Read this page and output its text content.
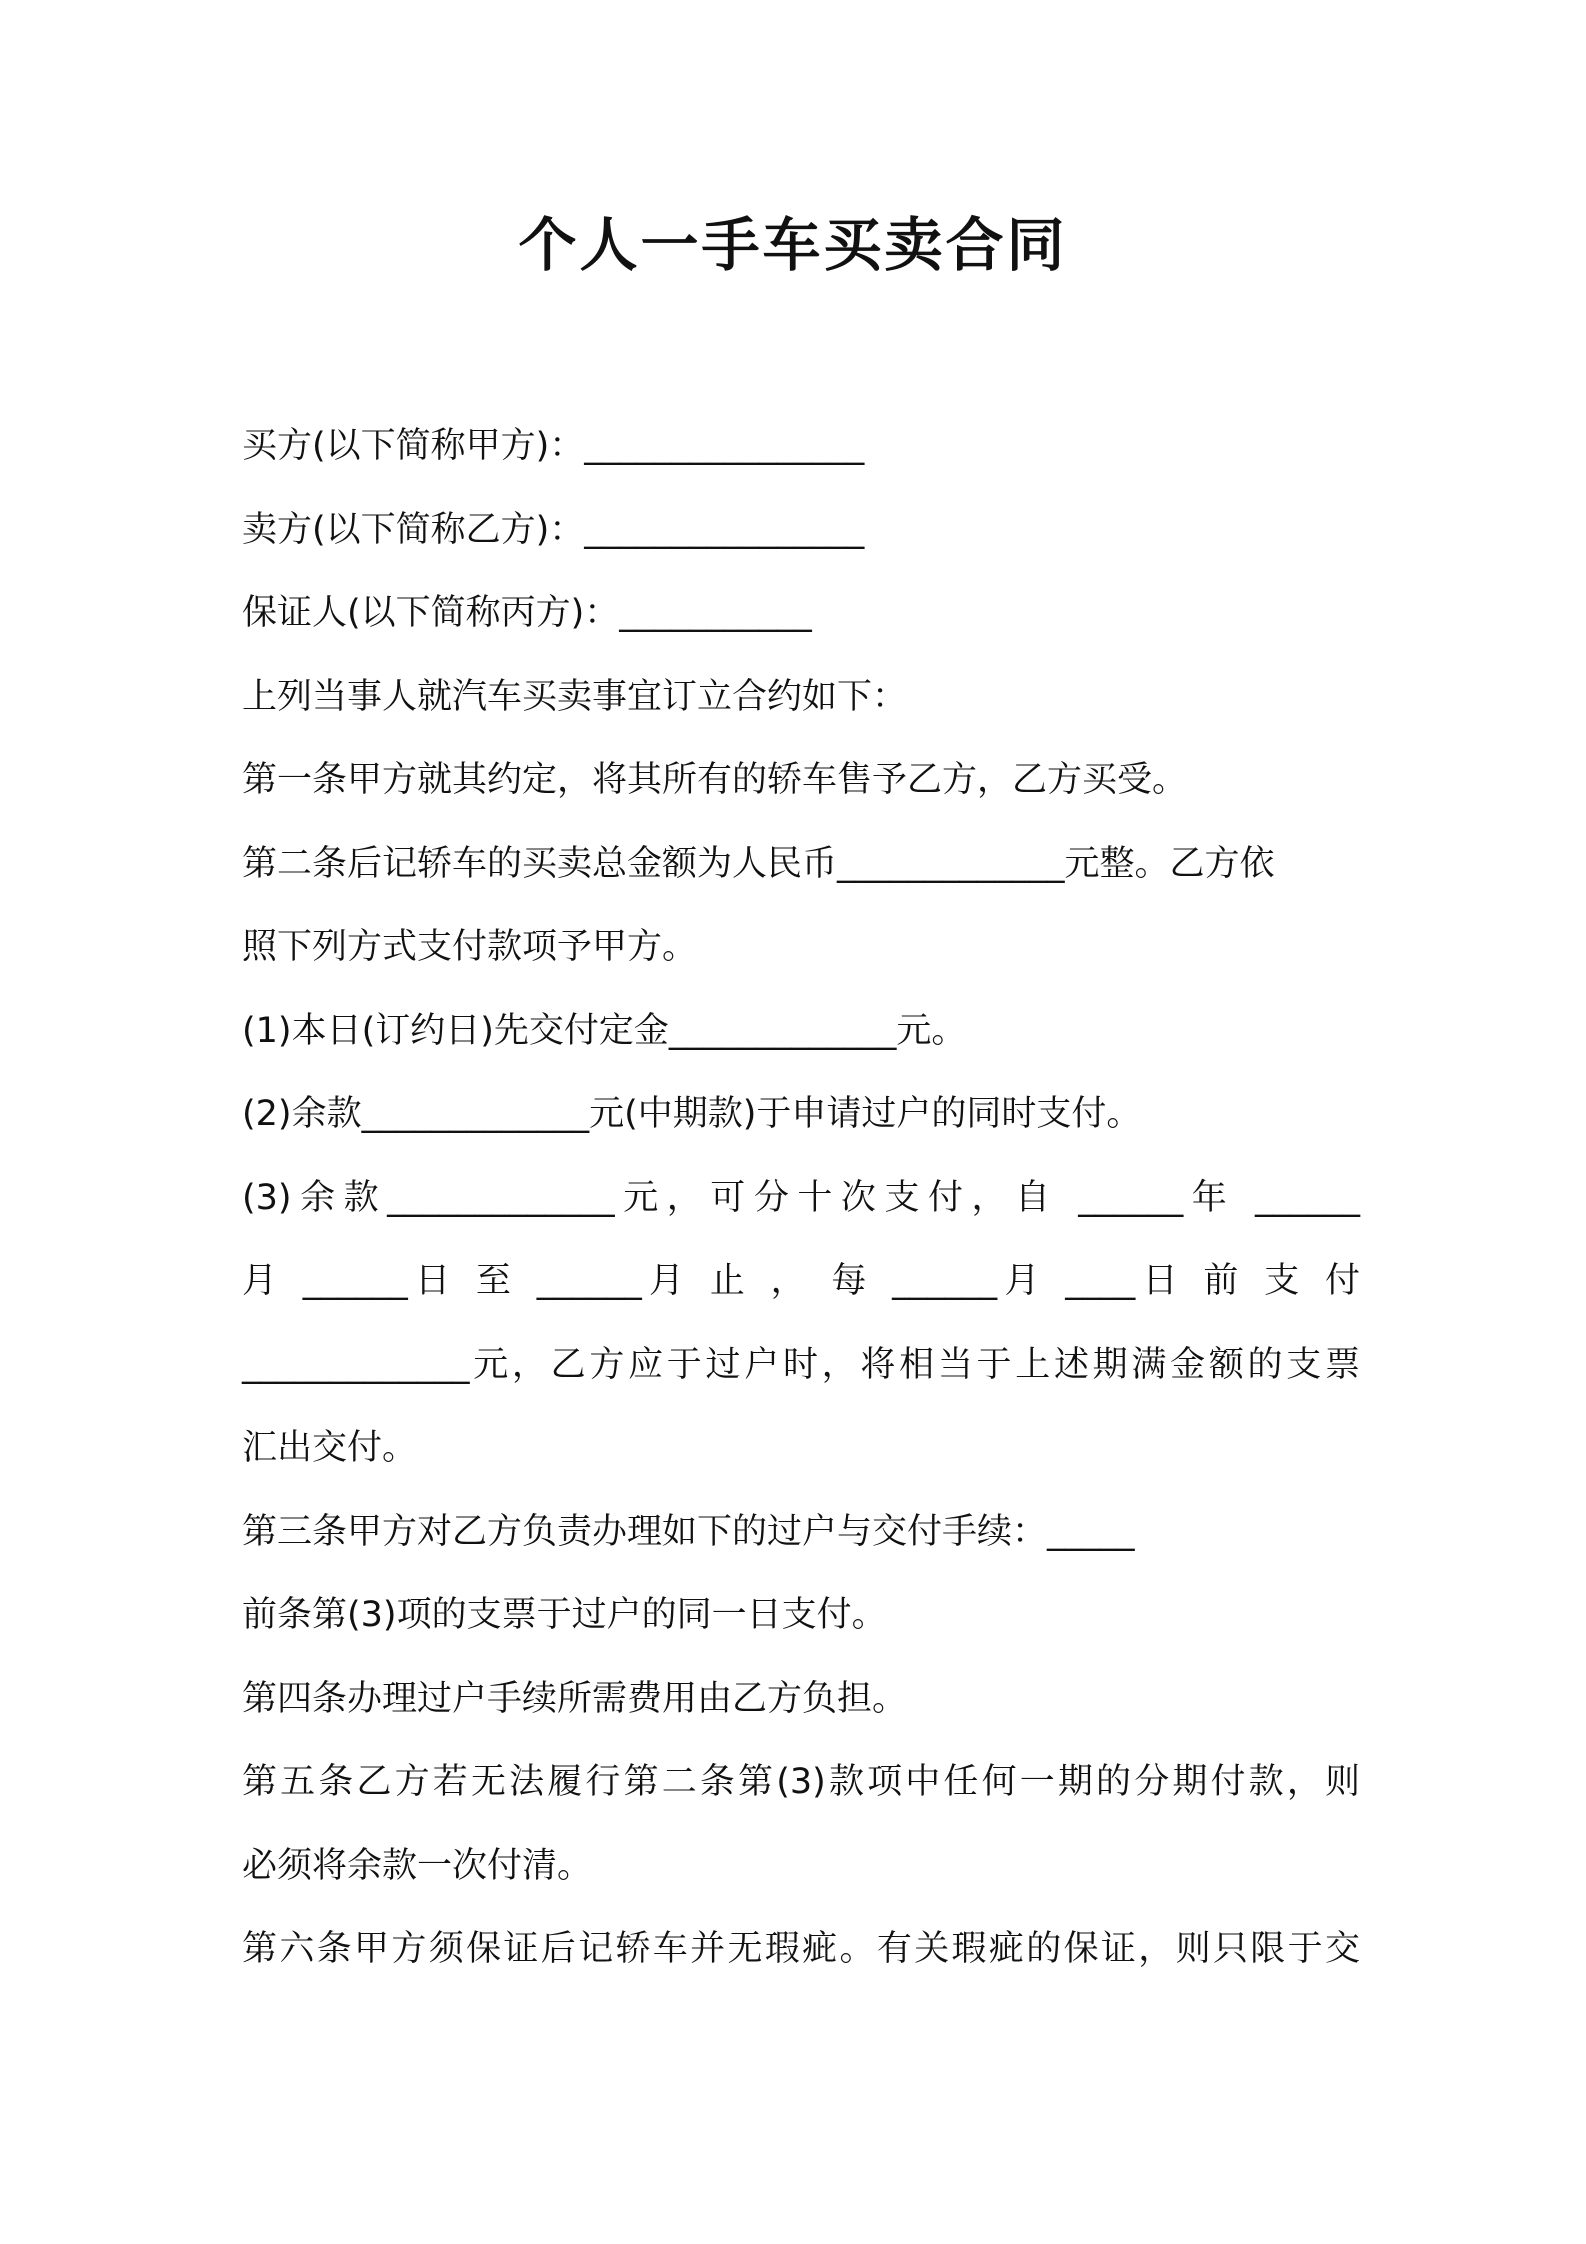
个人一手车买卖合同

买方(以下简称甲方)：________________

卖方(以下简称乙方)：________________

保证人(以下简称丙方)：___________

上列当事人就汽车买卖事宜订立合约如下：

第一条甲方就其约定，将其所有的轿车售予乙方，乙方买受。

第二条后记轿车的买卖总金额为人民币_____________元整。乙方依

照下列方式支付款项予甲方。

(1)本日(订约日)先交付定金_____________元。

(2)余款_____________元(中期款)于申请过户的同时支付。

(3)余款_____________元，可分十次支付，自 ______年 ______

月 ______日 至 ______月 止 ， 每 ______月 ____日 前 支 付

_____________元，乙方应于过户时，将相当于上述期满金额的支票

汇出交付。

第三条甲方对乙方负责办理如下的过户与交付手续：_____

前条第(3)项的支票于过户的同一日支付。

第四条办理过户手续所需费用由乙方负担。

第五条乙方若无法履行第二条第(3)款项中任何一期的分期付款，则

必须将余款一次付清。

第六条甲方须保证后记轿车并无瑕疵。有关瑕疵的保证，则只限于交
